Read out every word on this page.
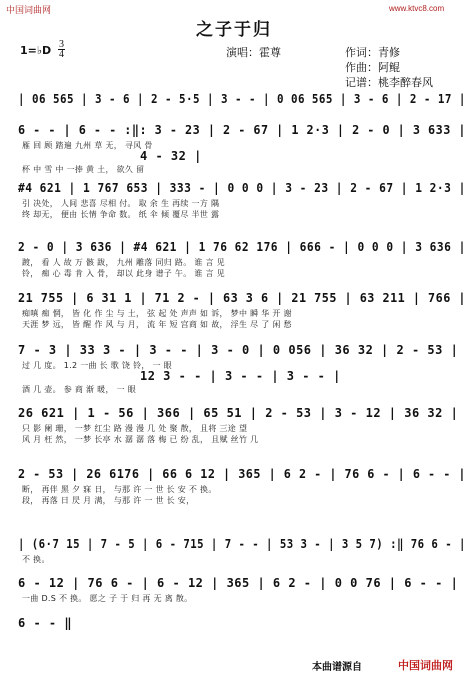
中国词曲网	www.ktvc8.com
之子于归
1=♭D $\frac{3}{4}$	演唱：霍尊	作词：青修
作曲：阿鲲
记谱：桃李醉春风
| 06 565 | 3 - 6 | 2 - 5·5 | 3 - - | 0 06 565 | 3 - 6 | 2 - 17 |
6 - - | 6 - - :‖: 3 - 23 | 2 - 67 | 1 2·3 | 2 - 0 | 3 633 |
雁 回 顾 踏遍 九州 草 无， 寻风 骨
4 - 32 |
杯 中 雪 中 一捧 黄 土， 欲久 留
#4 621 | 1 767 653 | 333 - | 0 0 0 | 3 - 23 | 2 - 67 | 1 2·3 |
引 决处， 人间 悲喜 尽相 付。 取 余 生 再续 一方 隅
终 却无， 便由 长情 争命 数。 纸 伞 倾 覆尽 半世 露
2 - 0 | 3 636 | #4 621 | 1 76 62 176 | 666 - | 0 0 0 | 3 636 |
踱， 看 人 故 万 骸 跋， 九州 雕落 同归 路。 谁 言 见
铃， 痴 心 毒 肯 入 骨， 却以 此身 谱子 午。 谁 言 见
21 755 | 6 31 1 | 71 2 - | 63 3 6 | 21 755 | 63 211 | 766 |
痴嗔 痴 惘， 皆 化 作 尘 与 土， 弦 起 处 声声 如 诉， 梦中 瞬 华 开 谢
天涯 梦 远， 皆 醒 作 风 与 月， 流 年 短 宫商 如 故， 浮生 尽 了 闲 愁
7 - 3 | 33 3 - | 3 - - | 3 - 0 | 0 056 | 36 32 | 2 - 53 |
过 几 度。 1.2 一曲 长 歌 饶 铃， 一 眼
12 3 - - | 3 - - | 3 - - |
酒 几 壶。 参 商 渐 暖， 一 眼
26 621 | 1 - 56 | 366 | 65 51 | 2 - 53 | 3 - 12 | 36 32 |
只 影 阑 珊， 一梦 红尘 路 漫 漫 几 处 聚 散， 且将 三途 望
风 月 枉 然， 一梦 长亭 水 潺 潺 落 梅 已 纷 乱， 且赋 丝竹 几
2 - 53 | 26 6176 | 66 6 12 | 365 | 6 2 - | 76 6 - | 6 - - |
断， 再伴 黑 夕 寐 日， 与那 许 一 世 长 安 不 换。
段， 再落 日 昃 月 满， 与那 许 一 世 长 安，
| (6·7 15 | 7 - 5 | 6 - 715 | 7 - - | 53 3 - | 3 5 7) :‖ 76 6 - |
不 换。
6 - 12 | 76 6 - | 6 - 12 | 365 | 6 2 - | 0 0 76 | 6 - - |
一曲 D.S 不 换。 愿之 子 于 归 再 无 离 散。
6 - - ‖
本曲谱源自	中国词曲网
